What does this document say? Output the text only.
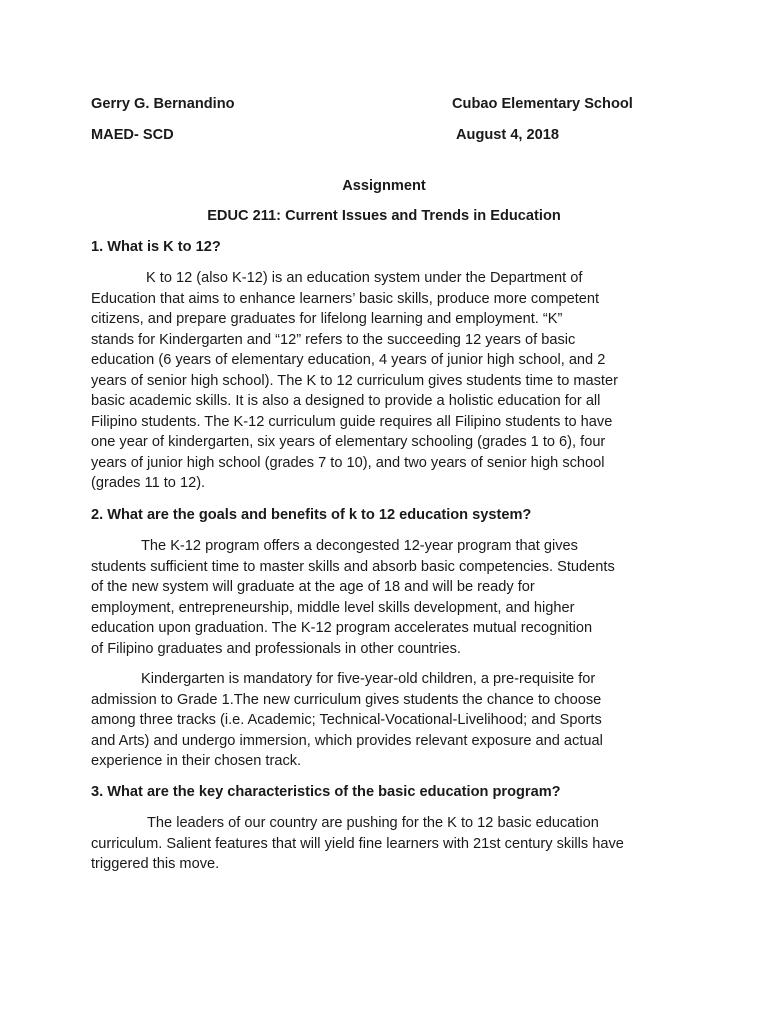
Gerry G. Bernandino	Cubao Elementary School
MAED- SCD	August 4, 2018
Assignment
EDUC 211: Current Issues and Trends in Education
1. What is K to 12?
K to 12 (also K-12) is an education system under the Department of
Education that aims to enhance learners’ basic skills, produce more competent
citizens, and prepare graduates for lifelong learning and employment. “K”
stands for Kindergarten and “12” refers to the succeeding 12 years of basic
education (6 years of elementary education, 4 years of junior high school, and 2
years of senior high school). The K to 12 curriculum gives students time to master
basic academic skills. It is also a designed to provide a holistic education for all
Filipino students. The K-12 curriculum guide requires all Filipino students to have
one year of kindergarten, six years of elementary schooling (grades 1 to 6), four
years of junior high school (grades 7 to 10), and two years of senior high school
(grades 11 to 12).
2. What are the goals and benefits of k to 12 education system?
The K-12 program offers a decongested 12-year program that gives
students sufficient time to master skills and absorb basic competencies. Students
of the new system will graduate at the age of 18 and will be ready for
employment, entrepreneurship, middle level skills development, and higher
education upon graduation. The K-12 program accelerates mutual recognition
of Filipino graduates and professionals in other countries.
Kindergarten is mandatory for five-year-old children, a pre-requisite for
admission to Grade 1.The new curriculum gives students the chance to choose
among three tracks (i.e. Academic; Technical-Vocational-Livelihood; and Sports
and Arts) and undergo immersion, which provides relevant exposure and actual
experience in their chosen track.
3. What are the key characteristics of the basic education program?
The leaders of our country are pushing for the K to 12 basic education
curriculum. Salient features that will yield fine learners with 21st century skills have
triggered this move.
